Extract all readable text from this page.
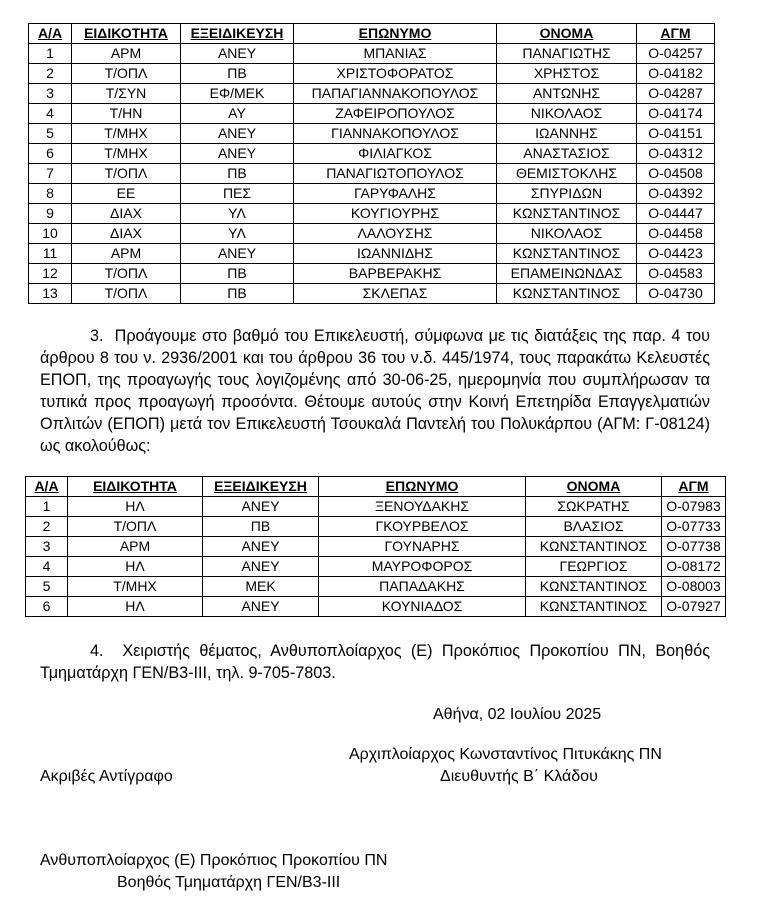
Α/Α	ΕΙΔΙΚΟΤΗΤΑ	ΕΞΕΙΔΙΚΕΥΣΗ	ΕΠΩΝΥΜΟ	ΟΝΟΜΑ	ΑΓΜ
1	ΑΡΜ	ΑΝΕΥ	ΜΠΑΝΙΑΣ	ΠΑΝΑΓΙΩΤΗΣ	Ο-04257
2	Τ/ΟΠΛ	ΠΒ	ΧΡΙΣΤΟΦΟΡΑΤΟΣ	ΧΡΗΣΤΟΣ	Ο-04182
3	Τ/ΣΥΝ	ΕΦ/ΜΕΚ	ΠΑΠΑΓΙΑΝΝΑΚΟΠΟΥΛΟΣ	ΑΝΤΩΝΗΣ	Ο-04287
4	Τ/ΗΝ	ΑΥ	ΖΑΦΕΙΡΟΠΟΥΛΟΣ	ΝΙΚΟΛΑΟΣ	Ο-04174
5	Τ/ΜΗΧ	ΑΝΕΥ	ΓΙΑΝΝΑΚΟΠΟΥΛΟΣ	ΙΩΑΝΝΗΣ	Ο-04151
6	Τ/ΜΗΧ	ΑΝΕΥ	ΦΙΛΙΑΓΚΟΣ	ΑΝΑΣΤΑΣΙΟΣ	Ο-04312
7	Τ/ΟΠΛ	ΠΒ	ΠΑΝΑΓΙΩΤΟΠΟΥΛΟΣ	ΘΕΜΙΣΤΟΚΛΗΣ	Ο-04508
8	ΕΕ	ΠΕΣ	ΓΑΡΥΦΑΛΗΣ	ΣΠΥΡΙΔΩΝ	Ο-04392
9	ΔΙΑΧ	ΥΛ	ΚΟΥΓΙΟΥΡΗΣ	ΚΩΝΣΤΑΝΤΙΝΟΣ	Ο-04447
10	ΔΙΑΧ	ΥΛ	ΛΑΛΟΥΣΗΣ	ΝΙΚΟΛΑΟΣ	Ο-04458
11	ΑΡΜ	ΑΝΕΥ	ΙΩΑΝΝΙΔΗΣ	ΚΩΝΣΤΑΝΤΙΝΟΣ	Ο-04423
12	Τ/ΟΠΛ	ΠΒ	ΒΑΡΒΕΡΑΚΗΣ	ΕΠΑΜΕΙΝΩΝΔΑΣ	Ο-04583
13	Τ/ΟΠΛ	ΠΒ	ΣΚΛΕΠΑΣ	ΚΩΝΣΤΑΝΤΙΝΟΣ	Ο-04730
3. Προάγουμε στο βαθμό του Επικελευστή, σύμφωνα με τις διατάξεις της παρ. 4 του άρθρου 8 του ν. 2936/2001 και του άρθρου 36 του ν.δ. 445/1974, τους παρακάτω Κελευστές ΕΠΟΠ, της προαγωγής τους λογιζομένης από 30-06-25, ημερομηνία που συμπλήρωσαν τα τυπικά προς προαγωγή προσόντα. Θέτουμε αυτούς στην Κοινή Επετηρίδα Επαγγελματιών Οπλιτών (ΕΠΟΠ) μετά τον Επικελευστή Τσουκαλά Παντελή του Πολυκάρπου (ΑΓΜ: Γ-08124) ως ακολούθως:
Α/Α	ΕΙΔΙΚΟΤΗΤΑ	ΕΞΕΙΔΙΚΕΥΣΗ	ΕΠΩΝΥΜΟ	ΟΝΟΜΑ	ΑΓΜ
1	ΗΛ	ΑΝΕΥ	ΞΕΝΟΥΔΑΚΗΣ	ΣΩΚΡΑΤΗΣ	Ο-07983
2	Τ/ΟΠΛ	ΠΒ	ΓΚΟΥΡΒΕΛΟΣ	ΒΛΑΣΙΟΣ	Ο-07733
3	ΑΡΜ	ΑΝΕΥ	ΓΟΥΝΑΡΗΣ	ΚΩΝΣΤΑΝΤΙΝΟΣ	Ο-07738
4	ΗΛ	ΑΝΕΥ	ΜΑΥΡΟΦΟΡΟΣ	ΓΕΩΡΓΙΟΣ	Ο-08172
5	Τ/ΜΗΧ	ΜΕΚ	ΠΑΠΑΔΑΚΗΣ	ΚΩΝΣΤΑΝΤΙΝΟΣ	Ο-08003
6	ΗΛ	ΑΝΕΥ	ΚΟΥΝΙΑΔΟΣ	ΚΩΝΣΤΑΝΤΙΝΟΣ	Ο-07927
4. Χειριστής θέματος, Ανθυποπλοίαρχος (Ε) Προκόπιος Προκοπίου ΠΝ, Βοηθός Τμηματάρχη ΓΕΝ/Β3-ΙΙΙ, τηλ. 9-705-7803.
Αθήνα, 02 Ιουλίου 2025
Αρχιπλοίαρχος Κωνσταντίνος Πιτυκάκης ΠΝ
Ακριβές Αντίγραφο	Διευθυντής Β΄ Κλάδου
Ανθυποπλοίαρχος (Ε) Προκόπιος Προκοπίου ΠΝ
Βοηθός Τμηματάρχη ΓΕΝ/Β3-ΙΙΙ
